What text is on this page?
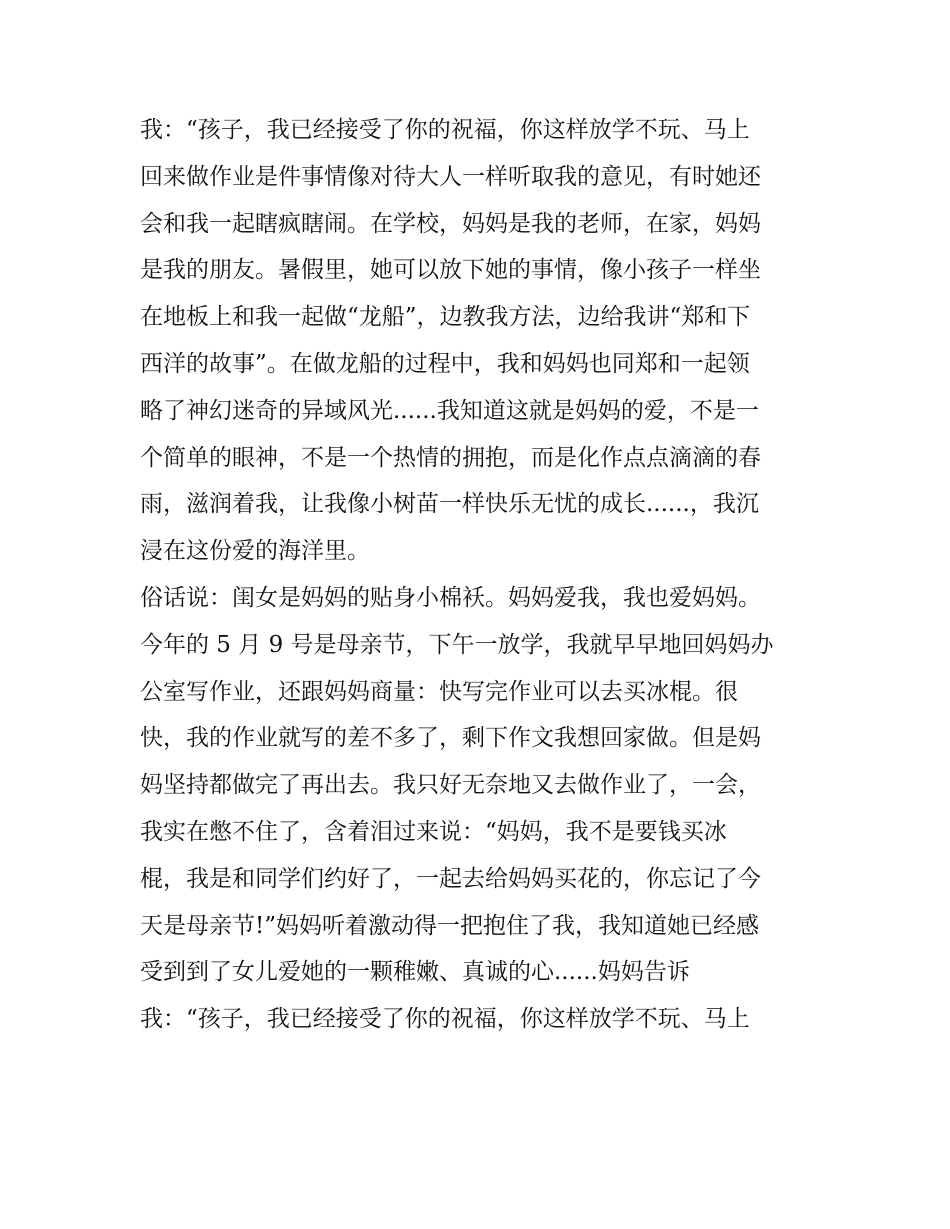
我：“孩子，我已经接受了你的祝福，你这样放学不玩、马上
回来做作业是件事情像对待大人一样听取我的意见，有时她还
会和我一起瞎疯瞎闹。在学校，妈妈是我的老师，在家，妈妈
是我的朋友。暑假里，她可以放下她的事情，像小孩子一样坐
在地板上和我一起做“龙船”，边教我方法，边给我讲“郑和下
西洋的故事”。在做龙船的过程中，我和妈妈也同郑和一起领
略了神幻迷奇的异域风光......我知道这就是妈妈的爱，不是一
个简单的眼神，不是一个热情的拥抱，而是化作点点滴滴的春
雨，滋润着我，让我像小树苗一样快乐无忧的成长......，我沉
浸在这份爱的海洋里。
俗话说：闺女是妈妈的贴身小棉袄。妈妈爱我，我也爱妈妈。
今年的 5 月 9 号是母亲节，下午一放学，我就早早地回妈妈办
公室写作业，还跟妈妈商量：快写完作业可以去买冰棍。很
快，我的作业就写的差不多了，剩下作文我想回家做。但是妈
妈坚持都做完了再出去。我只好无奈地又去做作业了，一会，
我实在憋不住了，含着泪过来说：“妈妈，我不是要钱买冰
棍，我是和同学们约好了，一起去给妈妈买花的，你忘记了今
天是母亲节!”妈妈听着激动得一把抱住了我，我知道她已经感
受到到了女儿爱她的一颗稚嫩、真诚的心......妈妈告诉
我：“孩子，我已经接受了你的祝福，你这样放学不玩、马上
